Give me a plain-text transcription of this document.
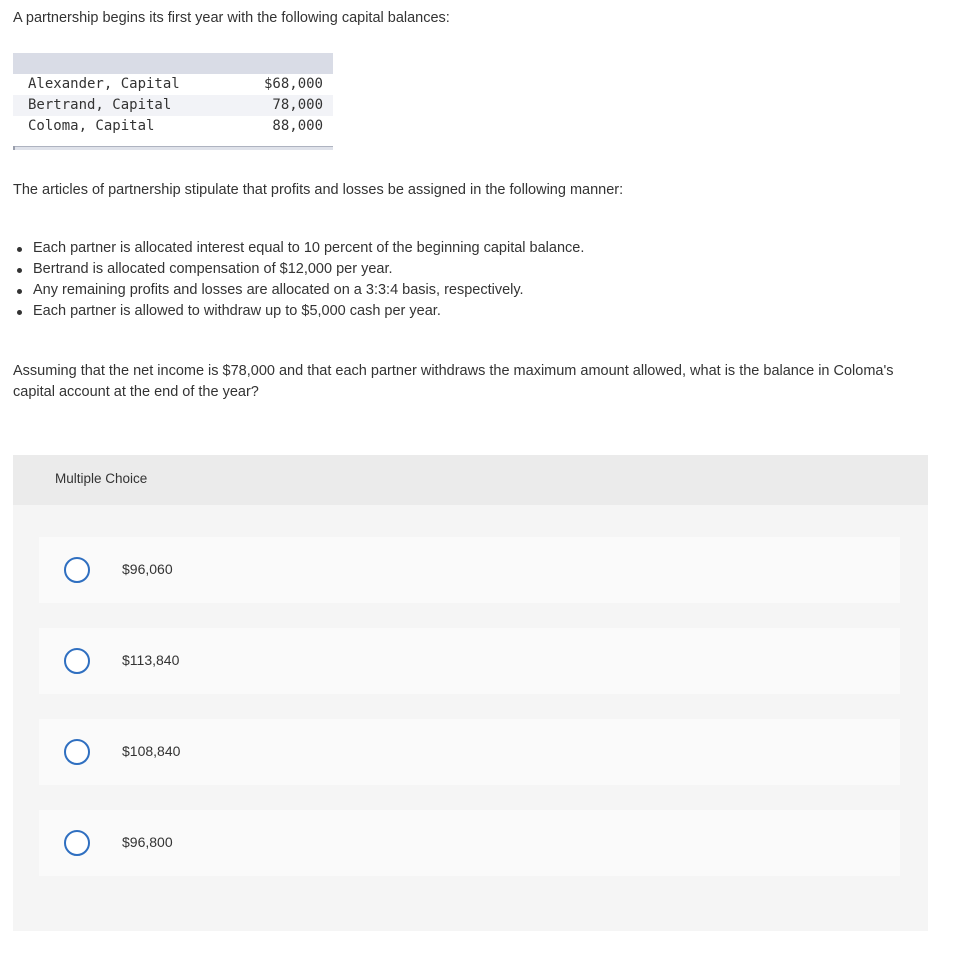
A partnership begins its first year with the following capital balances:

Alexander, Capital	$68,000
Bertrand, Capital	78,000
Coloma, Capital	88,000

The articles of partnership stipulate that profits and losses be assigned in the following manner:

Each partner is allocated interest equal to 10 percent of the beginning capital balance.
Bertrand is allocated compensation of $12,000 per year.
Any remaining profits and losses are allocated on a 3:3:4 basis, respectively.
Each partner is allowed to withdraw up to $5,000 cash per year.

Assuming that the net income is $78,000 and that each partner withdraws the maximum amount allowed, what is the balance in Coloma's capital account at the end of the year?

Multiple Choice
$96,060
$113,840
$108,840
$96,800
